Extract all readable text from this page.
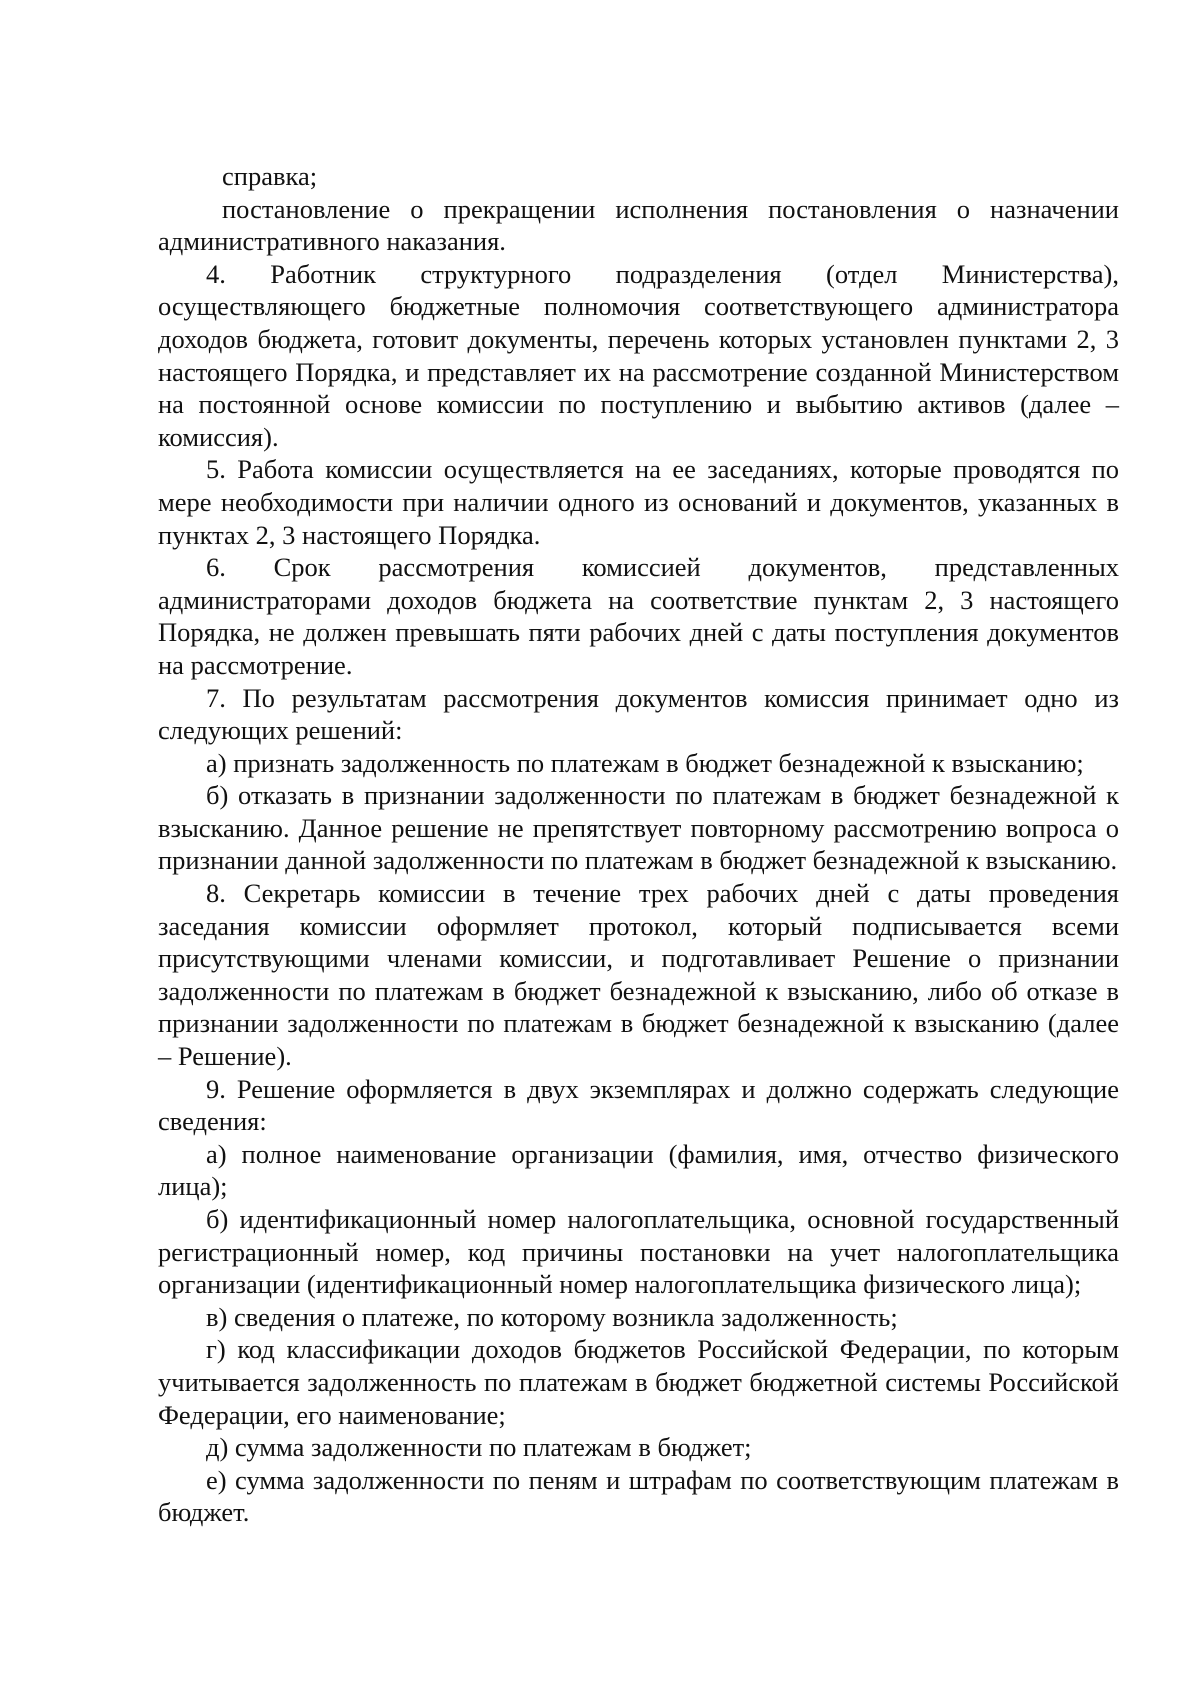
справка;

постановление о прекращении исполнения постановления о назначении административного наказания.

4. Работник структурного подразделения (отдел Министерства), осуществляющего бюджетные полномочия соответствующего администратора доходов бюджета, готовит документы, перечень которых установлен пунктами 2, 3 настоящего Порядка, и представляет их на рассмотрение созданной Министерством на постоянной основе комиссии по поступлению и выбытию активов (далее – комиссия).

5. Работа комиссии осуществляется на ее заседаниях, которые проводятся по мере необходимости при наличии одного из оснований и документов, указанных в пунктах 2, 3 настоящего Порядка.

6. Срок рассмотрения комиссией документов, представленных администраторами доходов бюджета на соответствие пунктам 2, 3 настоящего Порядка, не должен превышать пяти рабочих дней с даты поступления документов на рассмотрение.

7. По результатам рассмотрения документов комиссия принимает одно из следующих решений:

а) признать задолженность по платежам в бюджет безнадежной к взысканию;

б) отказать в признании задолженности по платежам в бюджет безнадежной к взысканию. Данное решение не препятствует повторному рассмотрению вопроса о признании данной задолженности по платежам в бюджет безнадежной к взысканию.

8. Секретарь комиссии в течение трех рабочих дней с даты проведения заседания комиссии оформляет протокол, который подписывается всеми присутствующими членами комиссии, и подготавливает Решение о признании задолженности по платежам в бюджет безнадежной к взысканию, либо об отказе в признании задолженности по платежам в бюджет безнадежной к взысканию (далее – Решение).

9. Решение оформляется в двух экземплярах и должно содержать следующие сведения:

а) полное наименование организации (фамилия, имя, отчество физического лица);

б) идентификационный номер налогоплательщика, основной государственный регистрационный номер, код причины постановки на учет налогоплательщика организации (идентификационный номер налогоплательщика физического лица);

в) сведения о платеже, по которому возникла задолженность;

г) код классификации доходов бюджетов Российской Федерации, по которым учитывается задолженность по платежам в бюджет бюджетной системы Российской Федерации, его наименование;

д) сумма задолженности по платежам в бюджет;

е) сумма задолженности по пеням и штрафам по соответствующим платежам в бюджет.
